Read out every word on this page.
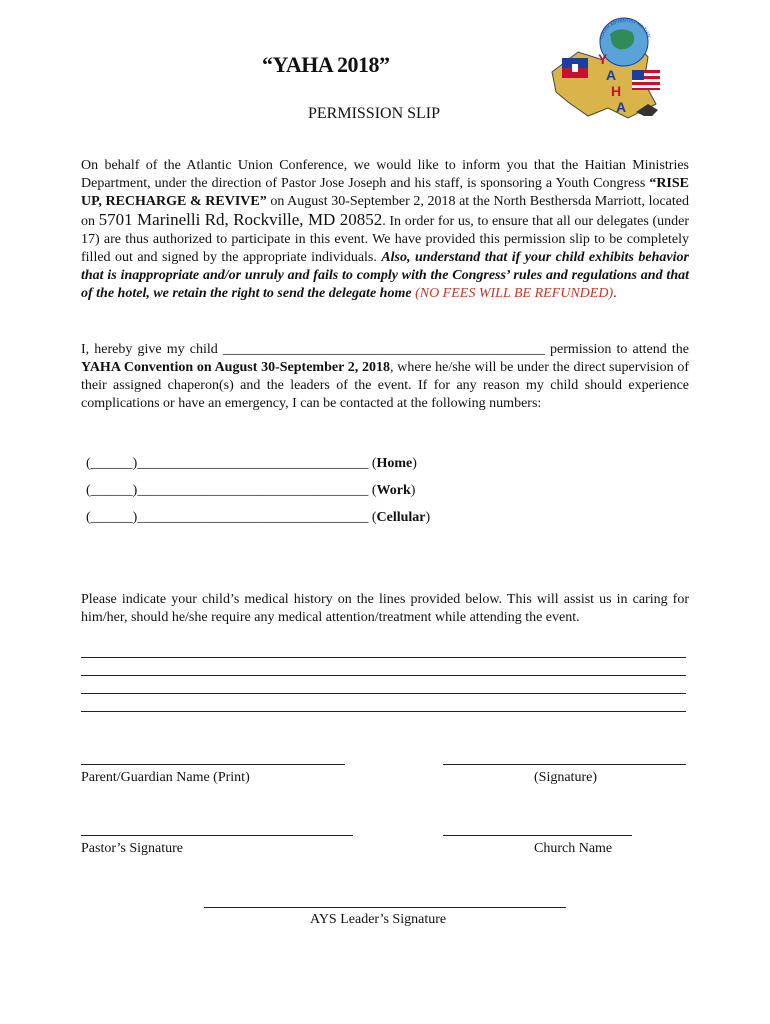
“YAHA 2018”
PERMISSION SLIP
Y
A
H
A
YOUTH ADVENTIST HAITIAN
On behalf of the Atlantic Union Conference, we would like to inform you that the Haitian Ministries Department, under the direction of Pastor Jose Joseph and his staff, is sponsoring a Youth Congress “RISE UP, RECHARGE & REVIVE” on August 30-September 2, 2018 at the North Besthersda Marriott, located on 5701 Marinelli Rd, Rockville, MD 20852. In order for us, to ensure that all our delegates (under 17) are thus authorized to participate in this event. We have provided this permission slip to be completely filled out and signed by the appropriate individuals. Also, understand that if your child exhibits behavior that is inappropriate and/or unruly and fails to comply with the Congress’ rules and regulations and that of the hotel, we retain the right to send the delegate home (NO FEES WILL BE REFUNDED).
I, hereby give my child ______________________________________________ permission to attend the YAHA Convention on August 30-September 2, 2018, where he/she will be under the direct supervision of their assigned chaperon(s) and the leaders of the event. If for any reason my child should experience complications or have an emergency, I can be contacted at the following numbers:
(______)_________________________________ (Home)
(______)_________________________________ (Work)
(______)_________________________________ (Cellular)
Please indicate your child’s medical history on the lines provided below. This will assist us in caring for him/her, should he/she require any medical attention/treatment while attending the event.
Parent/Guardian Name (Print)	(Signature)
Pastor’s Signature	Church Name
AYS Leader’s Signature
